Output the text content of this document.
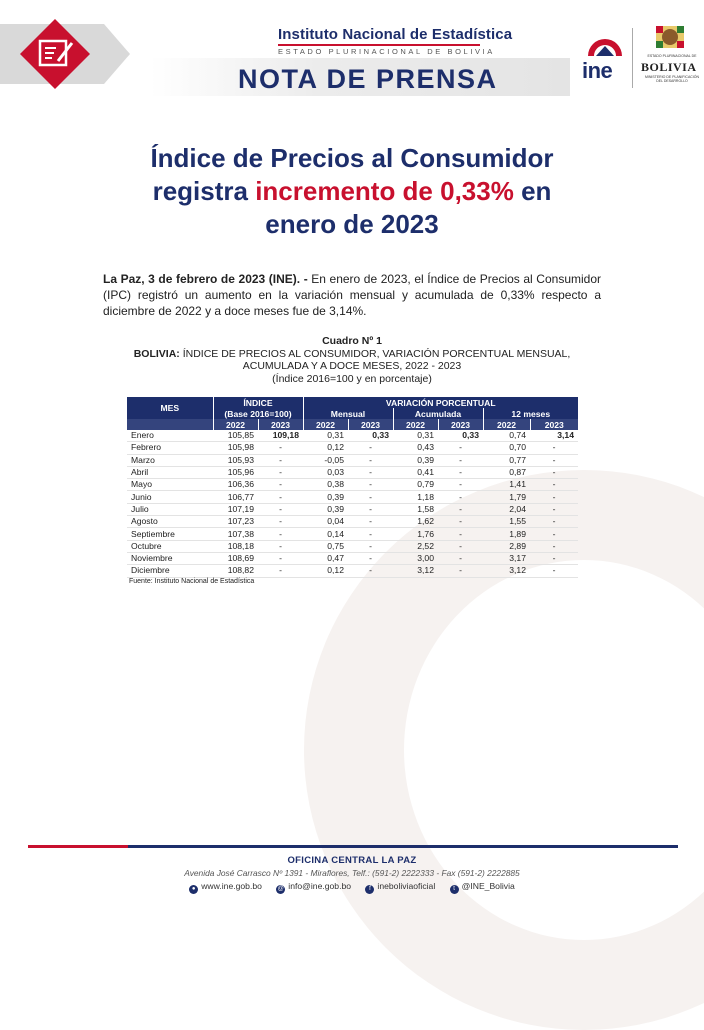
Instituto Nacional de Estadística
ESTADO PLURINACIONAL DE BOLIVIA
NOTA DE PRENSA	ine
ESTADO PLURINACIONAL DE
BOLIVIA
MINISTERIO DE PLANIFICACIÓN DEL DESARROLLO
Índice de Precios al Consumidor
registra incremento de 0,33% en
enero de 2023
La Paz, 3 de febrero de 2023 (INE). - En enero de 2023, el Índice de Precios al Consumidor (IPC) registró un aumento en la variación mensual y acumulada de 0,33% respecto a diciembre de 2022 y a doce meses fue de 3,14%.
Cuadro Nº 1
BOLIVIA: ÍNDICE DE PRECIOS AL CONSUMIDOR, VARIACIÓN PORCENTUAL MENSUAL, ACUMULADA Y A DOCE MESES, 2022 - 2023
(Índice 2016=100 y en porcentaje)
MES	ÍNDICE		VARIACIÓN PORCENTUAL					
	(Base 2016=100)		Mensual		Acumulada		12 meses	
	2022	2023	2022	2023	2022	2023	2022	2023
Enero	105,85	109,18	0,31	0,33	0,31	0,33	0,74	3,14
Febrero	105,98	-	0,12	-	0,43	-	0,70	-
Marzo	105,93	-	-0,05	-	0,39	-	0,77	-
Abril	105,96	-	0,03	-	0,41	-	0,87	-
Mayo	106,36	-	0,38	-	0,79	-	1,41	-
Junio	106,77	-	0,39	-	1,18	-	1,79	-
Julio	107,19	-	0,39	-	1,58	-	2,04	-
Agosto	107,23	-	0,04	-	1,62	-	1,55	-
Septiembre	107,38	-	0,14	-	1,76	-	1,89	-
Octubre	108,18	-	0,75	-	2,52	-	2,89	-
Noviembre	108,69	-	0,47	-	3,00	-	3,17	-
Diciembre	108,82	-	0,12	-	3,12	-	3,12	-
Fuente: Instituto Nacional de Estadística
OFICINA CENTRAL LA PAZ
Avenida José Carrasco Nº 1391 - Miraflores, Telf.: (591-2) 2222333 - Fax (591-2) 2222885
● www.ine.gob.bo	@ info@ine.gob.bo	f ineboliviaoficial	t @INE_Bolivia
